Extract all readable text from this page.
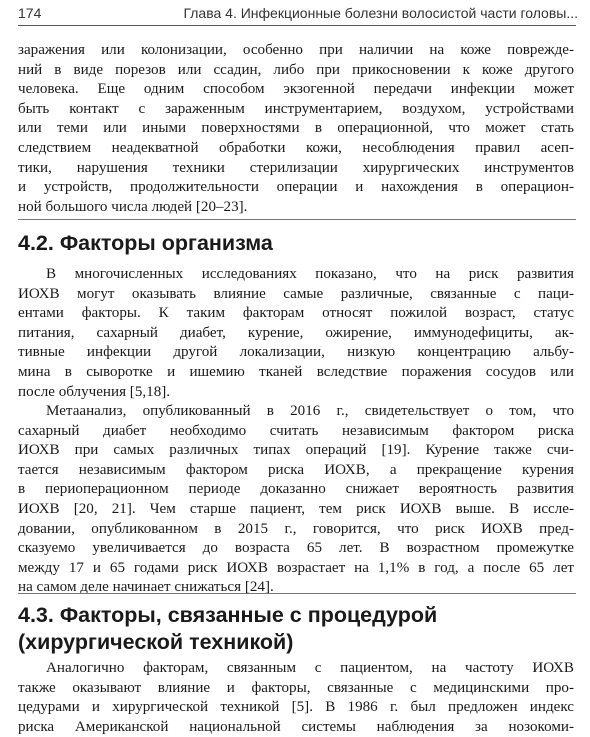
174	Глава 4. Инфекционные болезни волосистой части головы...
заражения или колонизации, особенно при наличии на коже поврежде-
ний в виде порезов или ссадин, либо при прикосновении к коже другого
человека. Еще одним способом экзогенной передачи инфекции может
быть контакт с зараженным инструментарием, воздухом, устройствами
или теми или иными поверхностями в операционной, что может стать
следствием неадекватной обработки кожи, несоблюдения правил асеп-
тики, нарушения техники стерилизации хирургических инструментов
и устройств, продолжительности операции и нахождения в операцион-
ной большого числа людей [20–23].
4.2. Факторы организма
В многочисленных исследованиях показано, что на риск развития
ИОХВ могут оказывать влияние самые различные, связанные с паци-
ентами факторы. К таким факторам относят пожилой возраст, статус
питания, сахарный диабет, курение, ожирение, иммунодефициты, ак-
тивные инфекции другой локализации, низкую концентрацию альбу-
мина в сыворотке и ишемию тканей вследствие поражения сосудов или
после облучения [5,18].
Метаанализ, опубликованный в 2016 г., свидетельствует о том, что
сахарный диабет необходимо считать независимым фактором риска
ИОХВ при самых различных типах операций [19]. Курение также счи-
тается независимым фактором риска ИОХВ, а прекращение курения
в периоперационном периоде доказанно снижает вероятность развития
ИОХВ [20, 21]. Чем старше пациент, тем риск ИОХВ выше. В иссле-
довании, опубликованном в 2015 г., говорится, что риск ИОХВ пред-
сказуемо увеличивается до возраста 65 лет. В возрастном промежутке
между 17 и 65 годами риск ИОХВ возрастает на 1,1% в год, а после 65 лет
на самом деле начинает снижаться [24].
4.3. Факторы, связанные с процедурой
(хирургической техникой)
Аналогично факторам, связанным с пациентом, на частоту ИОХВ
также оказывают влияние и факторы, связанные с медицинскими про-
цедурами и хирургической техникой [5]. В 1986 г. был предложен индекс
риска Американской национальной системы наблюдения за нозокоми-
